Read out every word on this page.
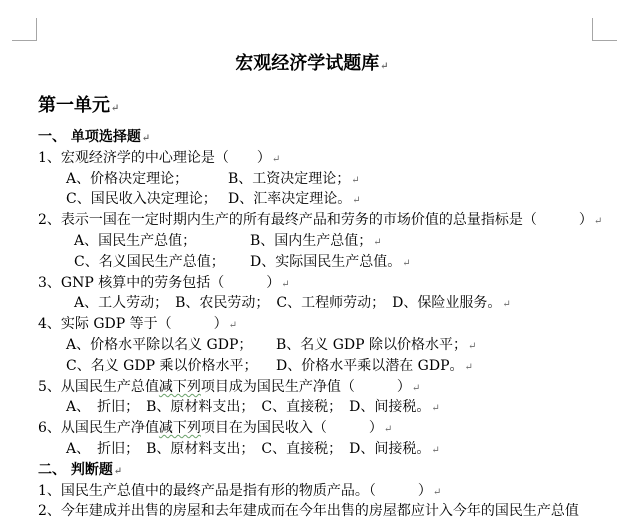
宏观经济学试题库↵
第一单元↵
一、 单项选择题↵
1、宏观经济学的中心理论是（　　）↵
A、价格决定理论；	B、工资决定理论；↵
C、国民收入决定理论； D、汇率决定理论。↵
2、表示一国在一定时期内生产的所有最终产品和劳务的市场价值的总量指标是（　　　）↵
A、国民生产总值；	B、国内生产总值；↵
C、名义国民生产总值； D、实际国民生产总值。↵
3、GNP 核算中的劳务包括（　　　）↵
A、工人劳动；　B、农民劳动；　C、工程师劳动；　D、保险业服务。↵
4、实际 GDP 等于（　　　）↵
A、价格水平除以名义 GDP； B、名义 GDP 除以价格水平；↵
C、名义 GDP 乘以价格水平； D、价格水平乘以潜在 GDP。↵
5、从国民生产总值减下列项目成为国民生产净值（　　　）↵
A、　折旧；　B、原材料支出；　C、直接税；　D、间接税。↵
6、从国民生产净值减下列项目在为国民收入（　　　）↵
A、　折旧；　B、原材料支出；　C、直接税；　D、间接税。↵
二、 判断题↵
1、国民生产总值中的最终产品是指有形的物质产品。（　　　）↵
2、今年建成并出售的房屋和去年建成而在今年出售的房屋都应计入今年的国民生产总值
